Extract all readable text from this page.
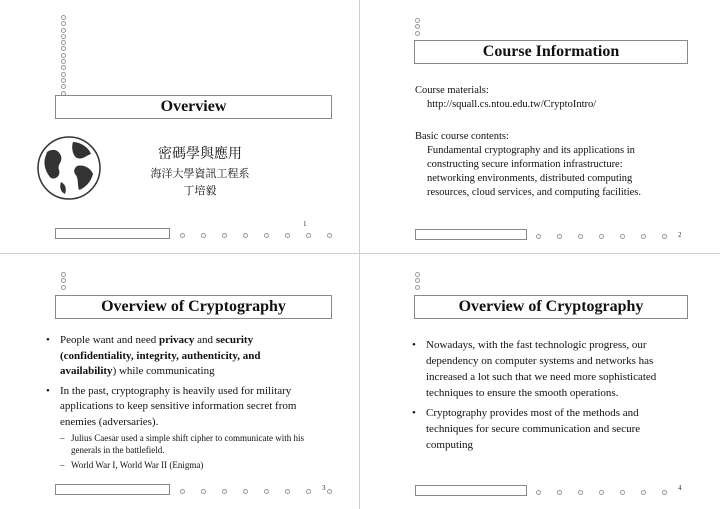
Overview
密碼學與應用
海洋大學資訊工程系
丁培毅
1
Course Information
Course materials:
http://squall.cs.ntou.edu.tw/CryptoIntro/
Basic course contents:
Fundamental cryptography and its applications in
constructing secure information infrastructure:
networking environments, distributed computing
resources, cloud services, and computing facilities.
2
Overview of Cryptography
• People want and need privacy and security (confidentiality, integrity, authenticity, and availability) while communicating
• In the past, cryptography is heavily used for military applications to keep sensitive information secret from enemies (adversaries).
– Julius Caesar used a simple shift cipher to communicate with his generals in the battlefield.
– World War I, World War II (Enigma)
3
Overview of Cryptography
• Nowadays, with the fast technologic progress, our dependency on computer systems and networks has increased a lot such that we need more sophisticated techniques to ensure the smooth operations.
• Cryptography provides most of the methods and techniques for secure communication and secure computing
4
